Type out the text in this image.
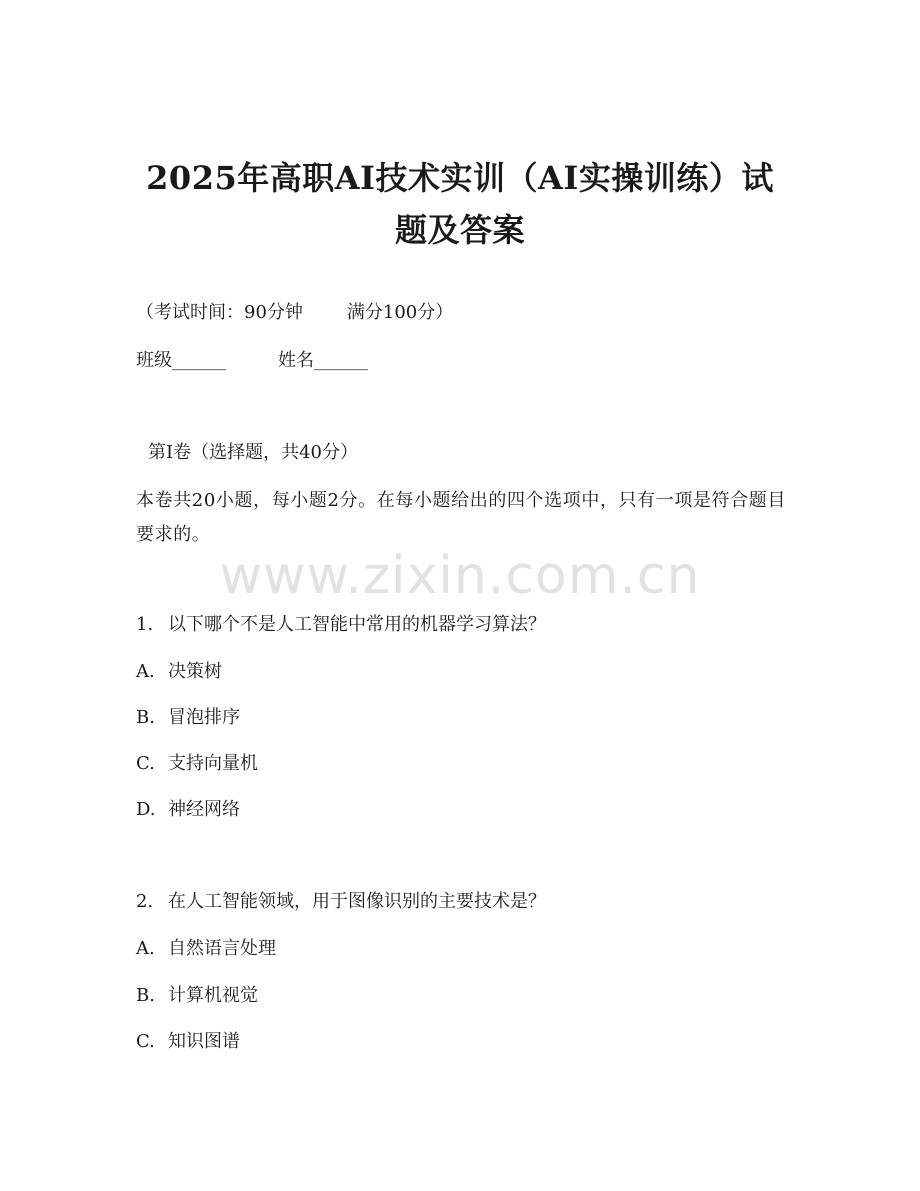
2025年高职AI技术实训（AI实操训练）试
题及答案
（考试时间：90分钟 满分100分）
班级______	姓名______
第Ⅰ卷（选择题，共40分）
本卷共20小题，每小题2分。在每小题给出的四个选项中，只有一项是符合题目要求的。
www.zixin.com.cn
1. 以下哪个不是人工智能中常用的机器学习算法？
A. 决策树
B. 冒泡排序
C. 支持向量机
D. 神经网络
2. 在人工智能领域，用于图像识别的主要技术是？
A. 自然语言处理
B. 计算机视觉
C. 知识图谱
